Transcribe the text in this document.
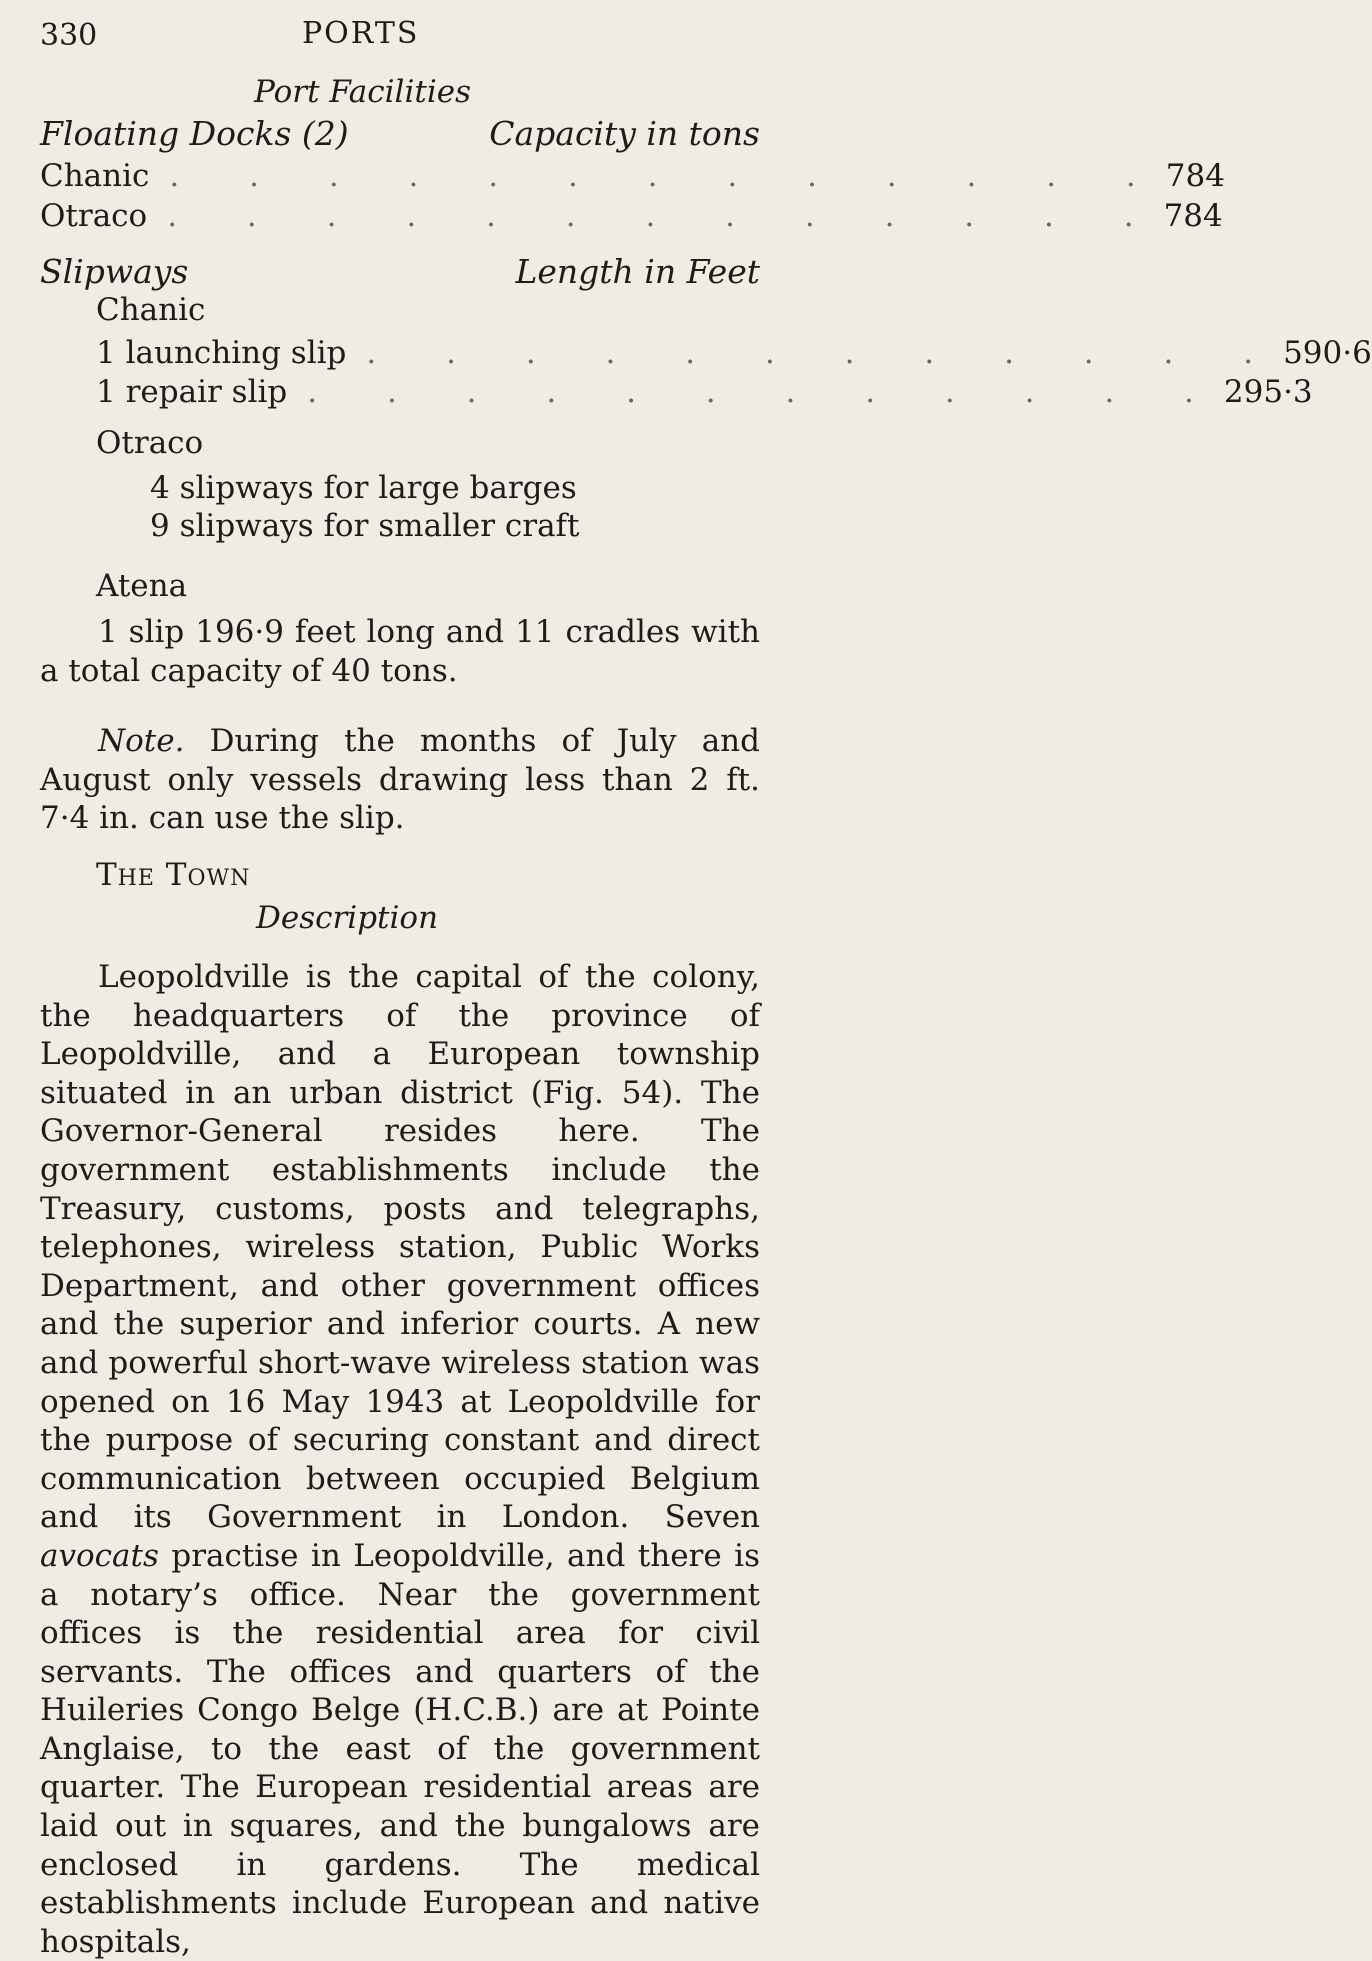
330	PORTS
Port Facilities
Floating Docks (2)	Capacity in tons
Chanic . . . . . . . . . . . . . 784
Otraco . . . . . . . . . . . . . 784
Slipways	Length in Feet
Chanic
1 launching slip . . . . . . . . . . . . 590·6
1 repair slip . . . . . . . . . . . . 295·3
Otraco
4 slipways for large barges
9 slipways for smaller craft
Atena
1 slip 196·9 feet long and 11 cradles with a total capacity of 40 tons.
Note. During the months of July and August only vessels drawing less than 2 ft. 7·4 in. can use the slip.
The Town
Description
Leopoldville is the capital of the colony, the headquarters of the province of Leopoldville, and a European township situated in an urban district (Fig. 54). The Governor-General resides here. The government establishments include the Treasury, customs, posts and telegraphs, telephones, wireless station, Public Works Department, and other government offices and the superior and inferior courts. A new and powerful short-wave wireless station was opened on 16 May 1943 at Leopoldville for the purpose of securing constant and direct communication between occupied Belgium and its Government in London. Seven avocats practise in Leopoldville, and there is a notary’s office. Near the government offices is the residential area for civil servants. The offices and quarters of the Huileries Congo Belge (H.C.B.) are at Pointe Anglaise, to the east of the government quarter. The European residential areas are laid out in squares, and the bungalows are enclosed in gardens. The medical establishments include European and native hospitals,
